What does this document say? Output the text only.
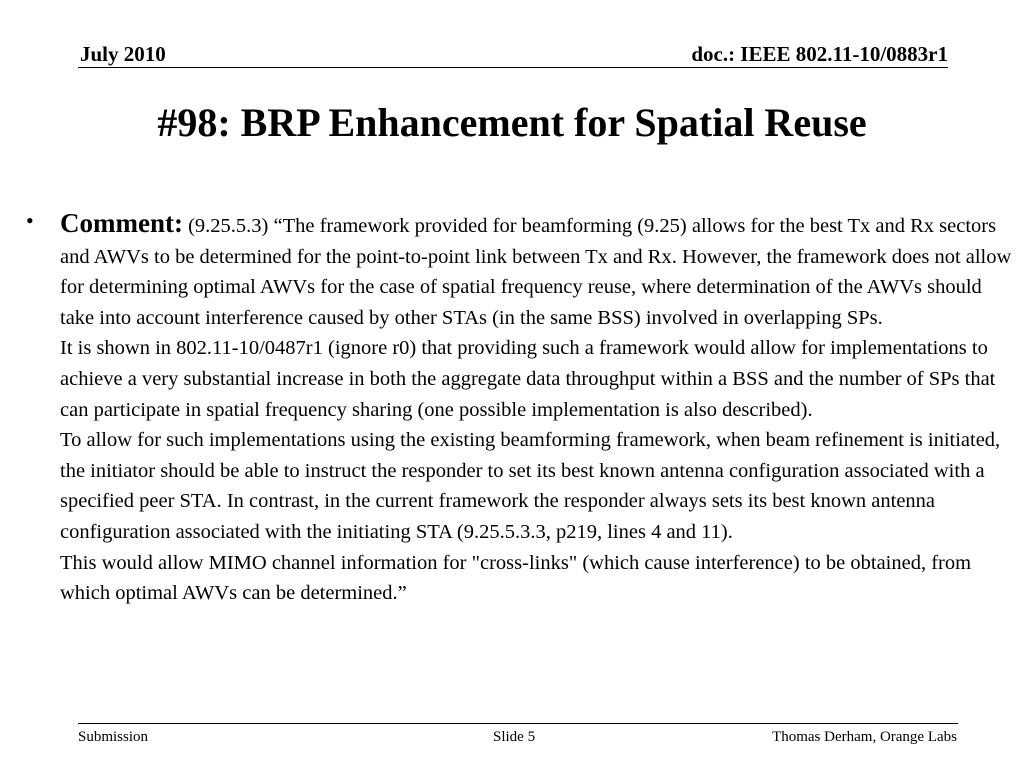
July 2010	doc.: IEEE 802.11-10/0883r1
#98: BRP Enhancement for Spatial Reuse
• Comment: (9.25.5.3) “The framework provided for beamforming (9.25) allows for the best Tx and Rx sectors and AWVs to be determined for the point-to-point link between Tx and Rx. However, the framework does not allow for determining optimal AWVs for the case of spatial frequency reuse, where determination of the AWVs should take into account interference caused by other STAs (in the same BSS) involved in overlapping SPs.

It is shown in 802.11-10/0487r1 (ignore r0) that providing such a framework would allow for implementations to achieve a very substantial increase in both the aggregate data throughput within a BSS and the number of SPs that can participate in spatial frequency sharing (one possible implementation is also described).

To allow for such implementations using the existing beamforming framework, when beam refinement is initiated, the initiator should be able to instruct the responder to set its best known antenna configuration associated with a specified peer STA. In contrast, in the current framework the responder always sets its best known antenna configuration associated with the initiating STA (9.25.5.3.3, p219, lines 4 and 11).

This would allow MIMO channel information for "cross-links" (which cause interference) to be obtained, from which optimal AWVs can be determined.”

Submission	Slide 5	Thomas Derham, Orange Labs
